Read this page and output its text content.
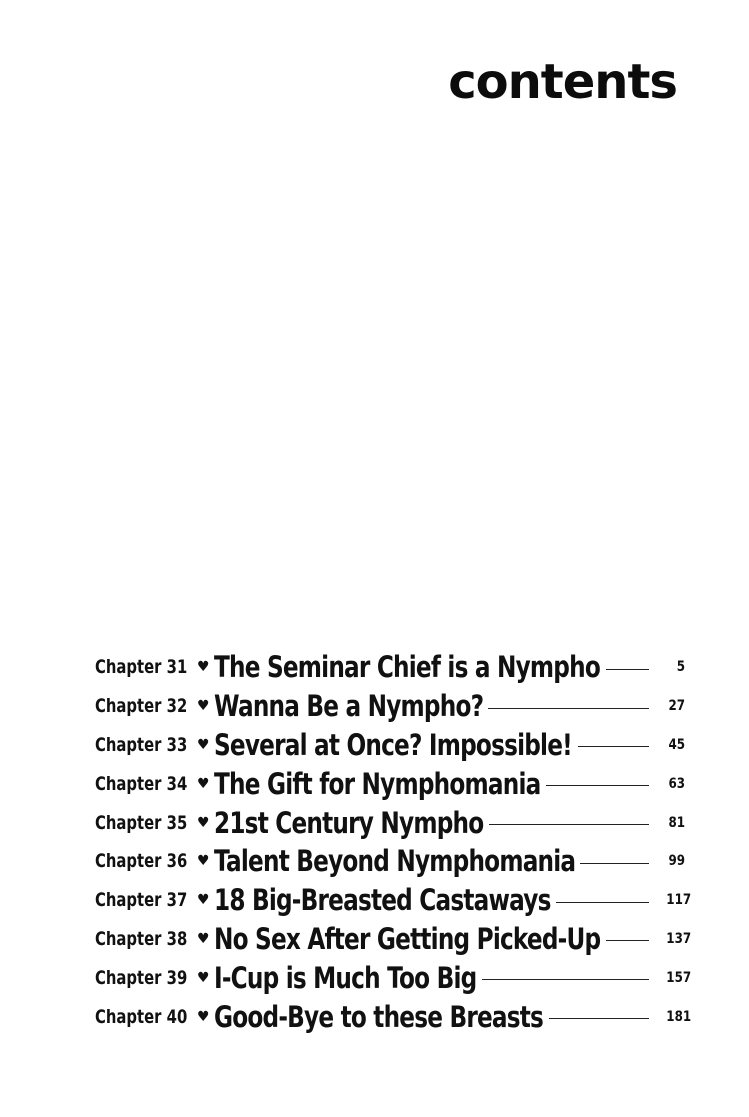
contents
Chapter 31 ♥ The Seminar Chief is a Nympho	5
Chapter 32 ♥ Wanna Be a Nympho?	27
Chapter 33 ♥ Several at Once? Impossible!	45
Chapter 34 ♥ The Gift for Nymphomania	63
Chapter 35 ♥ 21st Century Nympho	81
Chapter 36 ♥ Talent Beyond Nymphomania	99
Chapter 37 ♥ 18 Big-Breasted Castaways	117
Chapter 38 ♥ No Sex After Getting Picked-Up	137
Chapter 39 ♥ I-Cup is Much Too Big	157
Chapter 40 ♥ Good-Bye to these Breasts	181
